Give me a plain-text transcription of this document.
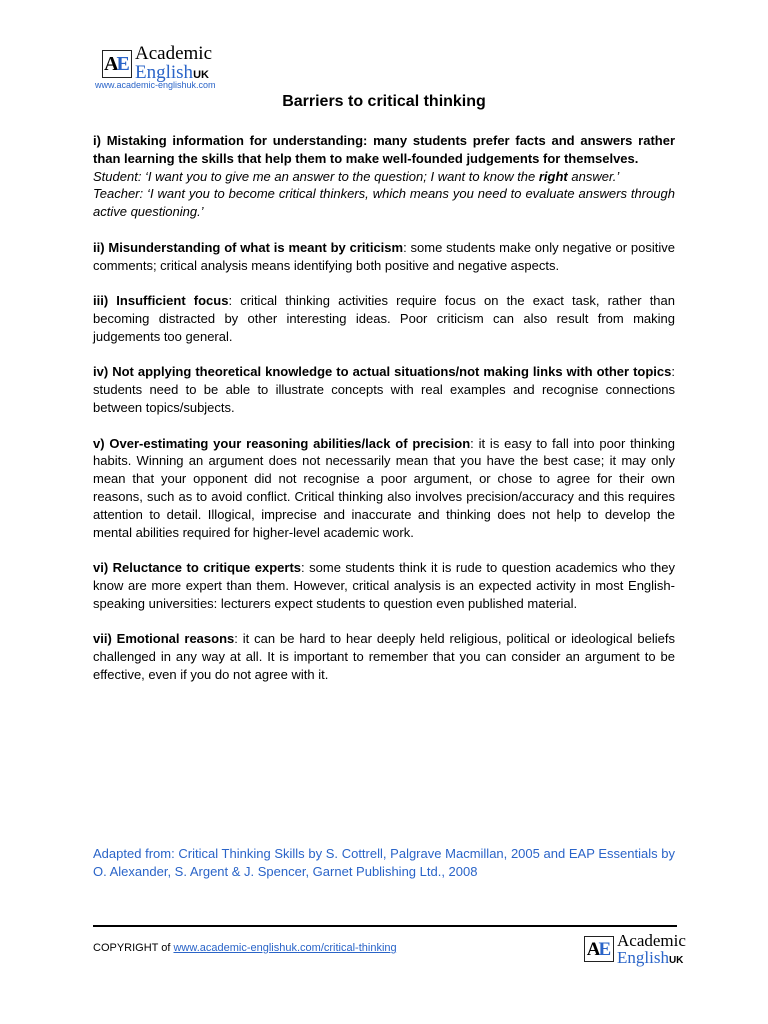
A
E Academic
EnglishUK
www.academic-englishuk.com
Barriers to critical thinking

i) Mistaking information for understanding: many students prefer facts and answers rather than learning the skills that help them to make well-founded judgements for themselves.
Student: ‘I want you to give me an answer to the question; I want to know the right answer.’
Teacher: ‘I want you to become critical thinkers, which means you need to evaluate answers through active questioning.’

ii) Misunderstanding of what is meant by criticism: some students make only negative or positive comments; critical analysis means identifying both positive and negative aspects.

iii) Insufficient focus: critical thinking activities require focus on the exact task, rather than becoming distracted by other interesting ideas. Poor criticism can also result from making judgements too general.

iv) Not applying theoretical knowledge to actual situations/not making links with other topics: students need to be able to illustrate concepts with real examples and recognise connections between topics/subjects.

v) Over-estimating your reasoning abilities/lack of precision: it is easy to fall into poor thinking habits. Winning an argument does not necessarily mean that you have the best case; it may only mean that your opponent did not recognise a poor argument, or chose to agree for their own reasons, such as to avoid conflict. Critical thinking also involves precision/accuracy and this requires attention to detail. Illogical, imprecise and inaccurate and thinking does not help to develop the mental abilities required for higher-level academic work.

vi) Reluctance to critique experts: some students think it is rude to question academics who they know are more expert than them. However, critical analysis is an expected activity in most English-speaking universities: lecturers expect students to question even published material.

vii) Emotional reasons: it can be hard to hear deeply held religious, political or ideological beliefs challenged in any way at all. It is important to remember that you can consider an argument to be effective, even if you do not agree with it.

Adapted from: Critical Thinking Skills by S. Cottrell, Palgrave Macmillan, 2005 and EAP Essentials by O. Alexander, S. Argent & J. Spencer, Garnet Publishing Ltd., 2008
COPYRIGHT of www.academic-englishuk.com/critical-thinking	A
E Academic
EnglishUK
